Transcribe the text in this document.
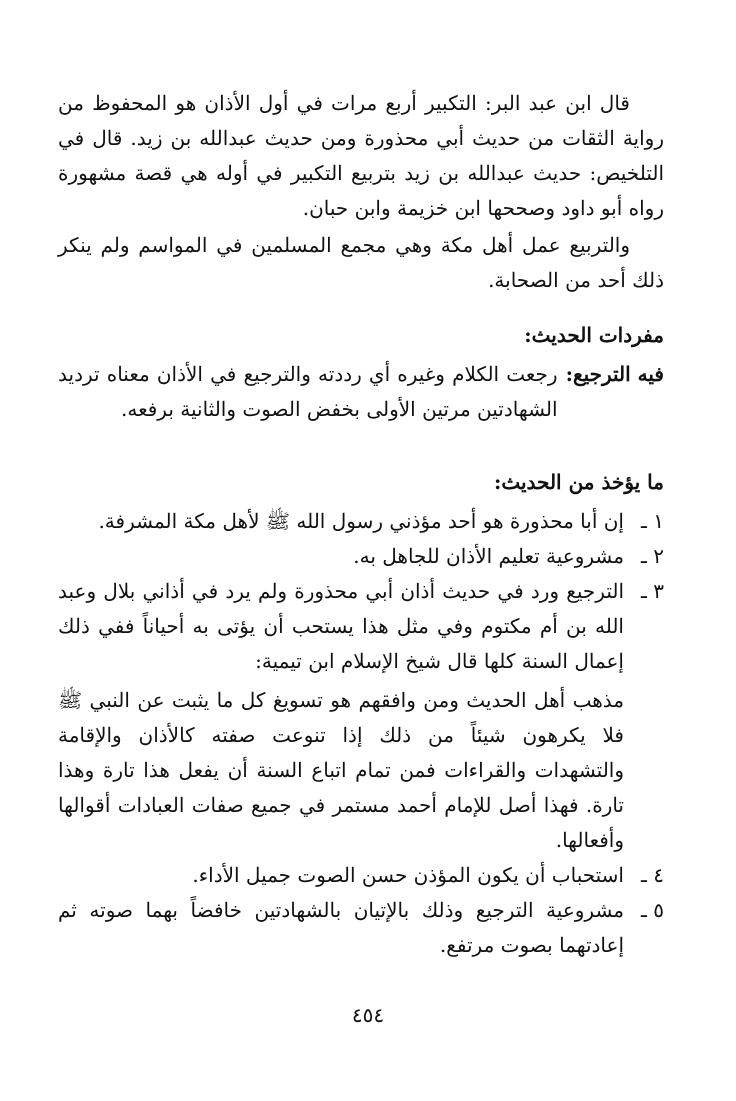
قال ابن عبد البر: التكبير أربع مرات في أول الأذان هو المحفوظ من رواية الثقات من حديث أبي محذورة ومن حديث عبدالله بن زيد. قال في التلخيص: حديث عبدالله بن زيد بتربيع التكبير في أوله هي قصة مشهورة رواه أبو داود وصححها ابن خزيمة وابن حبان.

والتربيع عمل أهل مكة وهي مجمع المسلمين في المواسم ولم ينكر ذلك أحد من الصحابة.

مفردات الحديث:
فيه الترجيع:

رجعت الكلام وغيره أي رددته والترجيع في الأذان معناه ترديد الشهادتين مرتين الأولى بخفض الصوت والثانية برفعه.

ما يؤخذ من الحديث:
١ ـ

إن أبا محذورة هو أحد مؤذني رسول الله ﷺ لأهل مكة المشرفة.

٢ ـ

مشروعية تعليم الأذان للجاهل به.

٣ ـ

الترجيع ورد في حديث أذان أبي محذورة ولم يرد في أذاني بلال وعبد الله بن أم مكتوم وفي مثل هذا يستحب أن يؤتى به أحياناً ففي ذلك إعمال السنة كلها قال شيخ الإسلام ابن تيمية:

مذهب أهل الحديث ومن وافقهم هو تسويغ كل ما يثبت عن النبي ﷺ فلا يكرهون شيئاً من ذلك إذا تنوعت صفته كالأذان والإقامة والتشهدات والقراءات فمن تمام اتباع السنة أن يفعل هذا تارة وهذا تارة. فهذا أصل للإمام أحمد مستمر في جميع صفات العبادات أقوالها وأفعالها.

٤ ـ

استحباب أن يكون المؤذن حسن الصوت جميل الأداء.

٥ ـ

مشروعية الترجيع وذلك بالإتيان بالشهادتين خافضاً بهما صوته ثم إعادتهما بصوت مرتفع.

٤٥٤
